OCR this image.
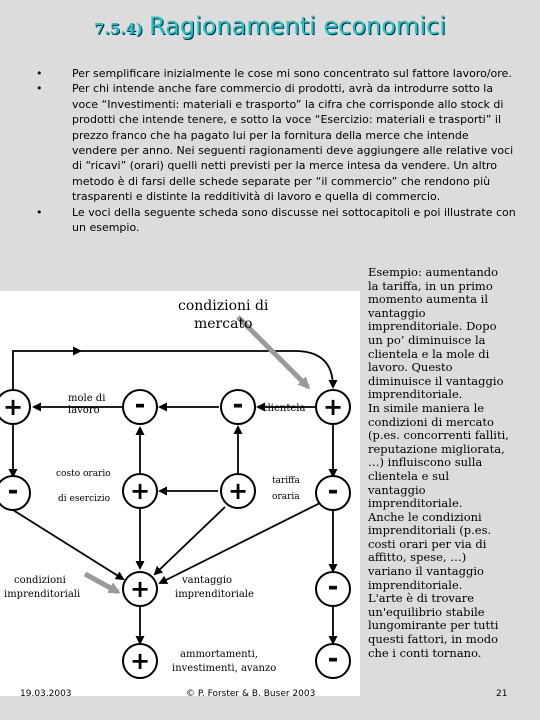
7.5.4) Ragionamenti economici
•	Per semplificare inizialmente le cose mi sono concentrato sul fattore lavoro/ore.
•	Per chi intende anche fare commercio di prodotti, avrà da introdurre sotto la voce “Investimenti: materiali e trasporto” la cifra che corrisponde allo stock di prodotti che intende tenere, e sotto la voce “Esercizio: materiali e trasporti” il prezzo franco che ha pagato lui per la fornitura della merce che intende vendere per anno. Nei seguenti ragionamenti deve aggiungere alle relative voci di “ricavi” (orari) quelli netti previsti per la merce intesa da vendere. Un altro metodo è di farsi delle schede separate per “il commercio” che rendono più trasparenti e distinte la redditività di lavoro e quella di commercio.
•	Le voci della seguente scheda sono discusse nei sottocapitoli e poi illustrate con un esempio.

Esempio: aumentando la tariffa, in un primo momento aumenta il vantaggio imprenditoriale. Dopo un po’ diminuisce la clientela e la mole di lavoro. Questo diminuisce il vantaggio imprenditoriale.

In simile maniera le condizioni di mercato (p.es. concorrenti falliti, reputazione migliorata, …) influiscono sulla clientela e sul vantaggio imprenditoriale.

Anche le condizioni imprenditoriali (p.es. costi orari per via di affitto, spese, …) variano il vantaggio imprenditoriale.

L'arte è di trovare un'equilibrio stabile lungomirante per tutti questi fattori, in modo che i conti tornano.

+	-	-	+
-	+	+	-
+	-
+	-
condizioni di
mercato
mole di
lavoro	clientela
costo orario
di esercizio
tariffa
oraria
condizioni
imprenditoriali
vantaggio
imprenditoriale
ammortamenti,
investimenti, avanzo
19.03.2003	© P. Forster & B. Buser 2003	21
